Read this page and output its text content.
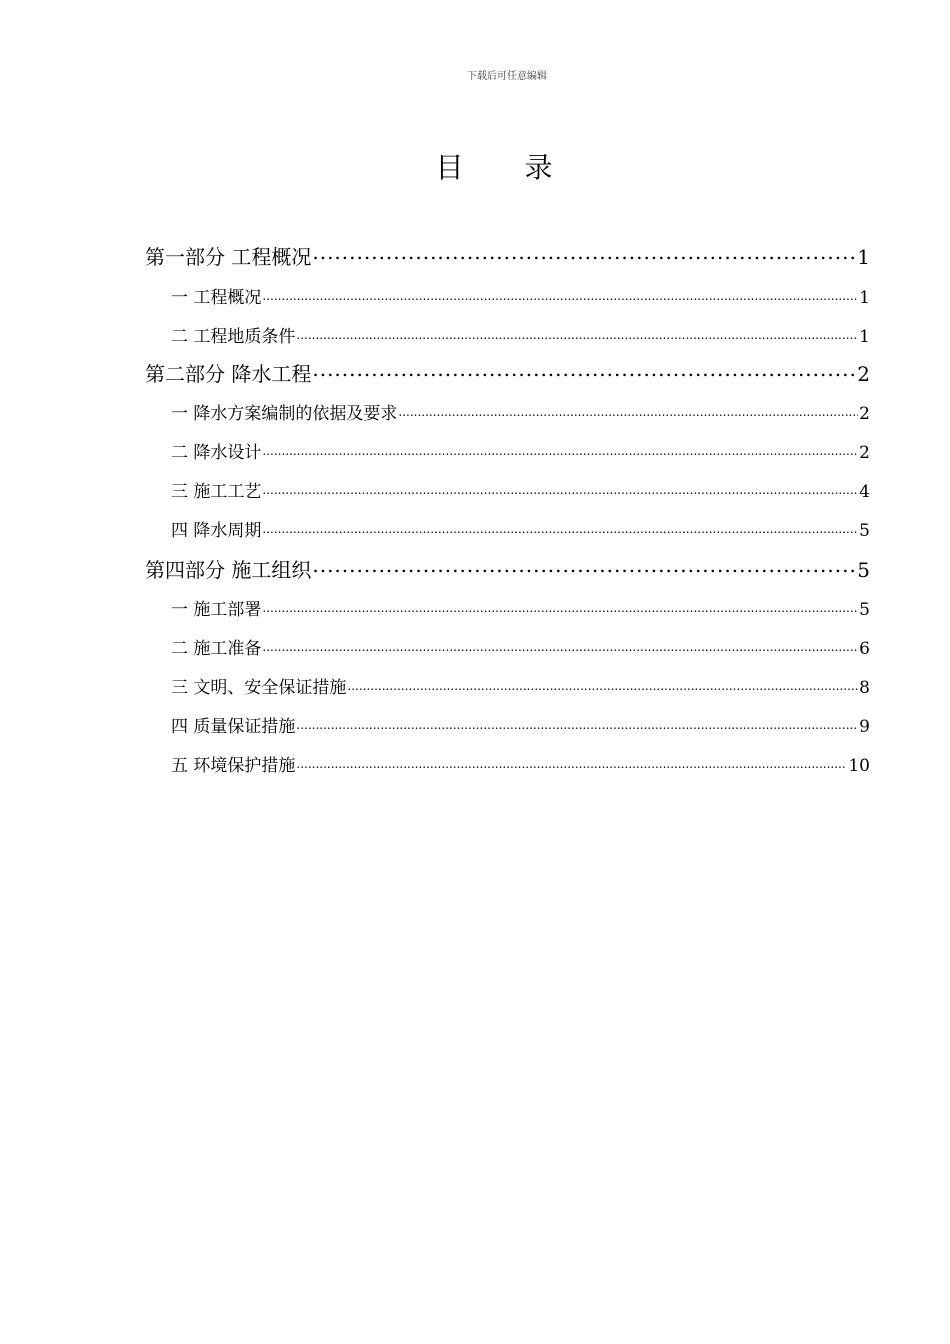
下载后可任意编辑
目 录
第一部分 工程概况 .....	1
一 工程概况 .....	1
二 工程地质条件 .....	1
第二部分 降水工程 .....	2
一 降水方案编制的依据及要求 .....	2
二 降水设计 .....	2
三 施工工艺 .....	4
四 降水周期 .....	5
第四部分 施工组织 .....	5
一 施工部署 .....	5
二 施工准备 .....	6
三 文明、安全保证措施 .....	8
四 质量保证措施 .....	9
五 环境保护措施 .....	10
